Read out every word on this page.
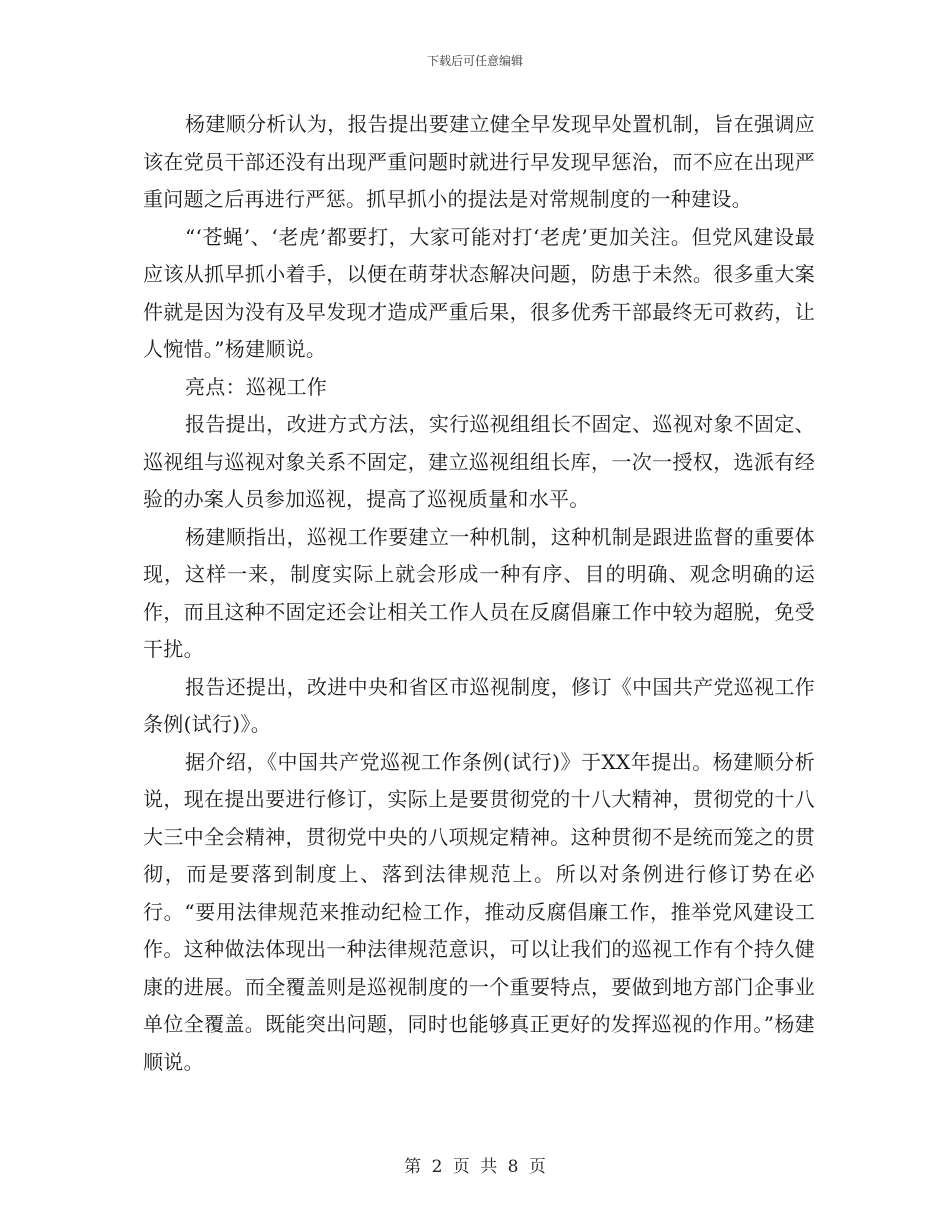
下载后可任意编辑

杨建顺分析认为，报告提出要建立健全早发现早处置机制，旨在强调应该在党员干部还没有出现严重问题时就进行早发现早惩治，而不应在出现严重问题之后再进行严惩。抓早抓小的提法是对常规制度的一种建设。

“‘苍蝇’、‘老虎’都要打，大家可能对打‘老虎’更加关注。但党风建设最应该从抓早抓小着手，以便在萌芽状态解决问题，防患于未然。很多重大案件就是因为没有及早发现才造成严重后果，很多优秀干部最终无可救药，让人惋惜。”杨建顺说。

亮点：巡视工作

报告提出，改进方式方法，实行巡视组组长不固定、巡视对象不固定、巡视组与巡视对象关系不固定，建立巡视组组长库，一次一授权，选派有经验的办案人员参加巡视，提高了巡视质量和水平。

杨建顺指出，巡视工作要建立一种机制，这种机制是跟进监督的重要体现，这样一来，制度实际上就会形成一种有序、目的明确、观念明确的运作，而且这种不固定还会让相关工作人员在反腐倡廉工作中较为超脱，免受干扰。

报告还提出，改进中央和省区市巡视制度，修订《中国共产党巡视工作条例(试行)》。

据介绍，《中国共产党巡视工作条例(试行)》于XX年提出。杨建顺分析说，现在提出要进行修订，实际上是要贯彻党的十八大精神，贯彻党的十八大三中全会精神，贯彻党中央的八项规定精神。这种贯彻不是统而笼之的贯彻，而是要落到制度上、落到法律规范上。所以对条例进行修订势在必行。“要用法律规范来推动纪检工作，推动反腐倡廉工作，推举党风建设工作。这种做法体现出一种法律规范意识，可以让我们的巡视工作有个持久健康的进展。而全覆盖则是巡视制度的一个重要特点，要做到地方部门企事业单位全覆盖。既能突出问题，同时也能够真正更好的发挥巡视的作用。”杨建顺说。

第 2 页 共 8 页
